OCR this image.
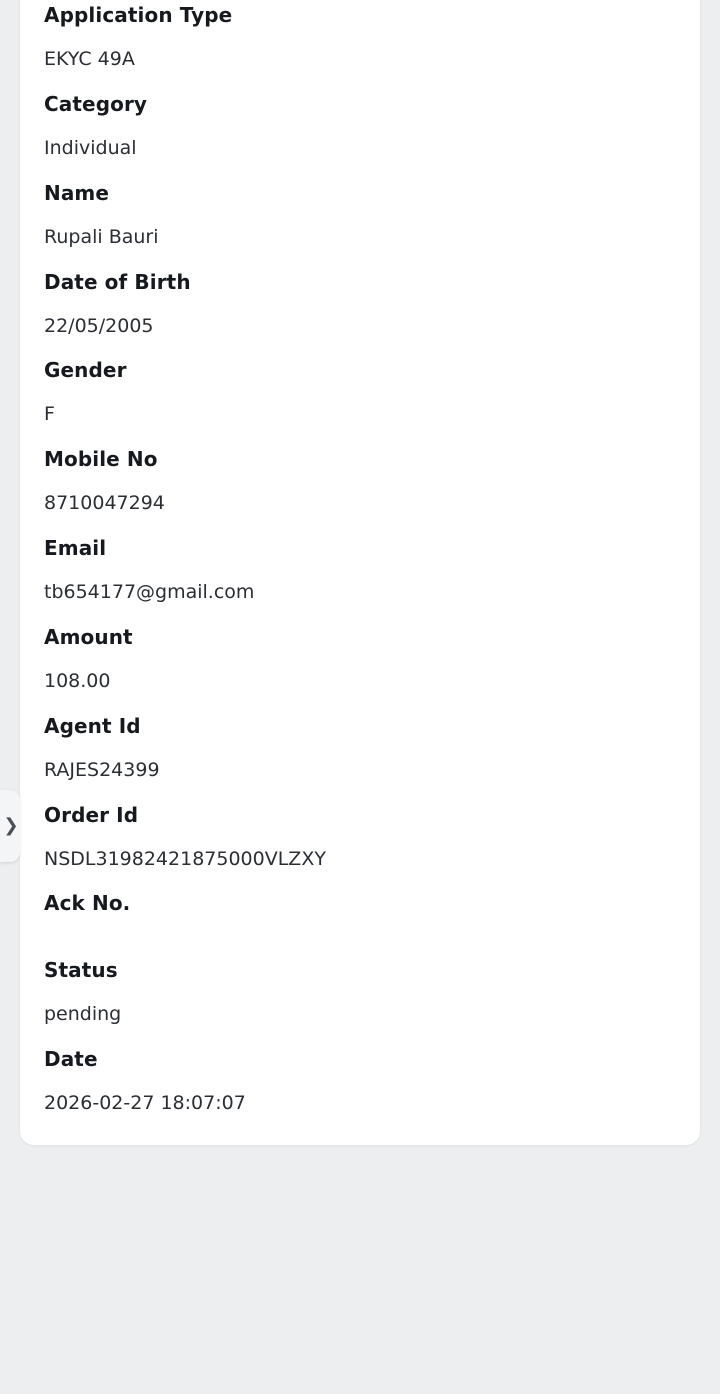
Application Type
EKYC 49A
Category
Individual
Name
Rupali Bauri
Date of Birth
22/05/2005
Gender
F
Mobile No
8710047294
Email
tb654177@gmail.com
Amount
108.00
Agent Id
RAJES24399
Order Id
NSDL31982421875000VLZXY
Ack No.
Status
pending
Date
2026-02-27 18:07:07
❯
